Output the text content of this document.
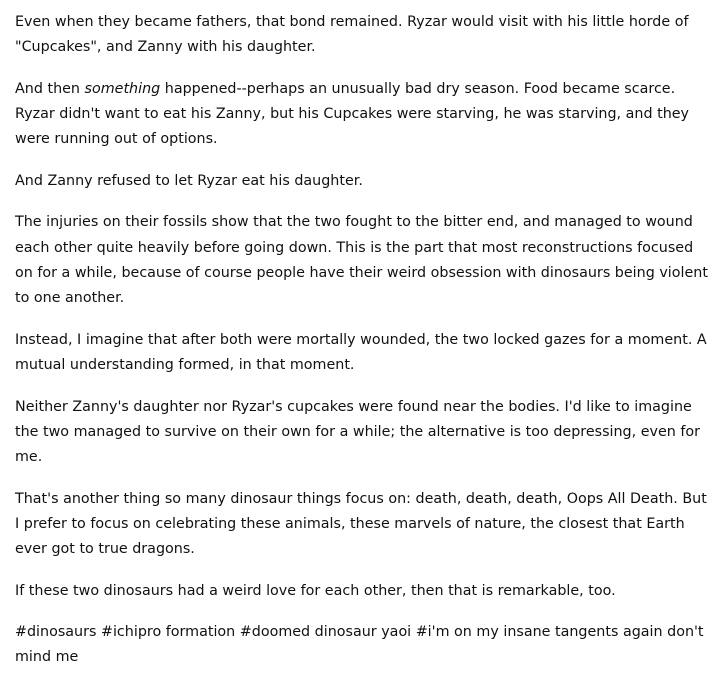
Even when they became fathers, that bond remained. Ryzar would visit with his little horde of "Cupcakes", and Zanny with his daughter.

And then something happened--perhaps an unusually bad dry season. Food became scarce. Ryzar didn't want to eat his Zanny, but his Cupcakes were starving, he was starving, and they were running out of options.

And Zanny refused to let Ryzar eat his daughter.

The injuries on their fossils show that the two fought to the bitter end, and managed to wound each other quite heavily before going down. This is the part that most reconstructions focused on for a while, because of course people have their weird obsession with dinosaurs being violent to one another.

Instead, I imagine that after both were mortally wounded, the two locked gazes for a moment. A mutual understanding formed, in that moment.

Neither Zanny's daughter nor Ryzar's cupcakes were found near the bodies. I'd like to imagine the two managed to survive on their own for a while; the alternative is too depressing, even for me.

That's another thing so many dinosaur things focus on: death, death, death, Oops All Death. But I prefer to focus on celebrating these animals, these marvels of nature, the closest that Earth ever got to true dragons.

If these two dinosaurs had a weird love for each other, then that is remarkable, too.

#dinosaurs #ichipro formation #doomed dinosaur yaoi #i'm on my insane tangents again don't mind me
